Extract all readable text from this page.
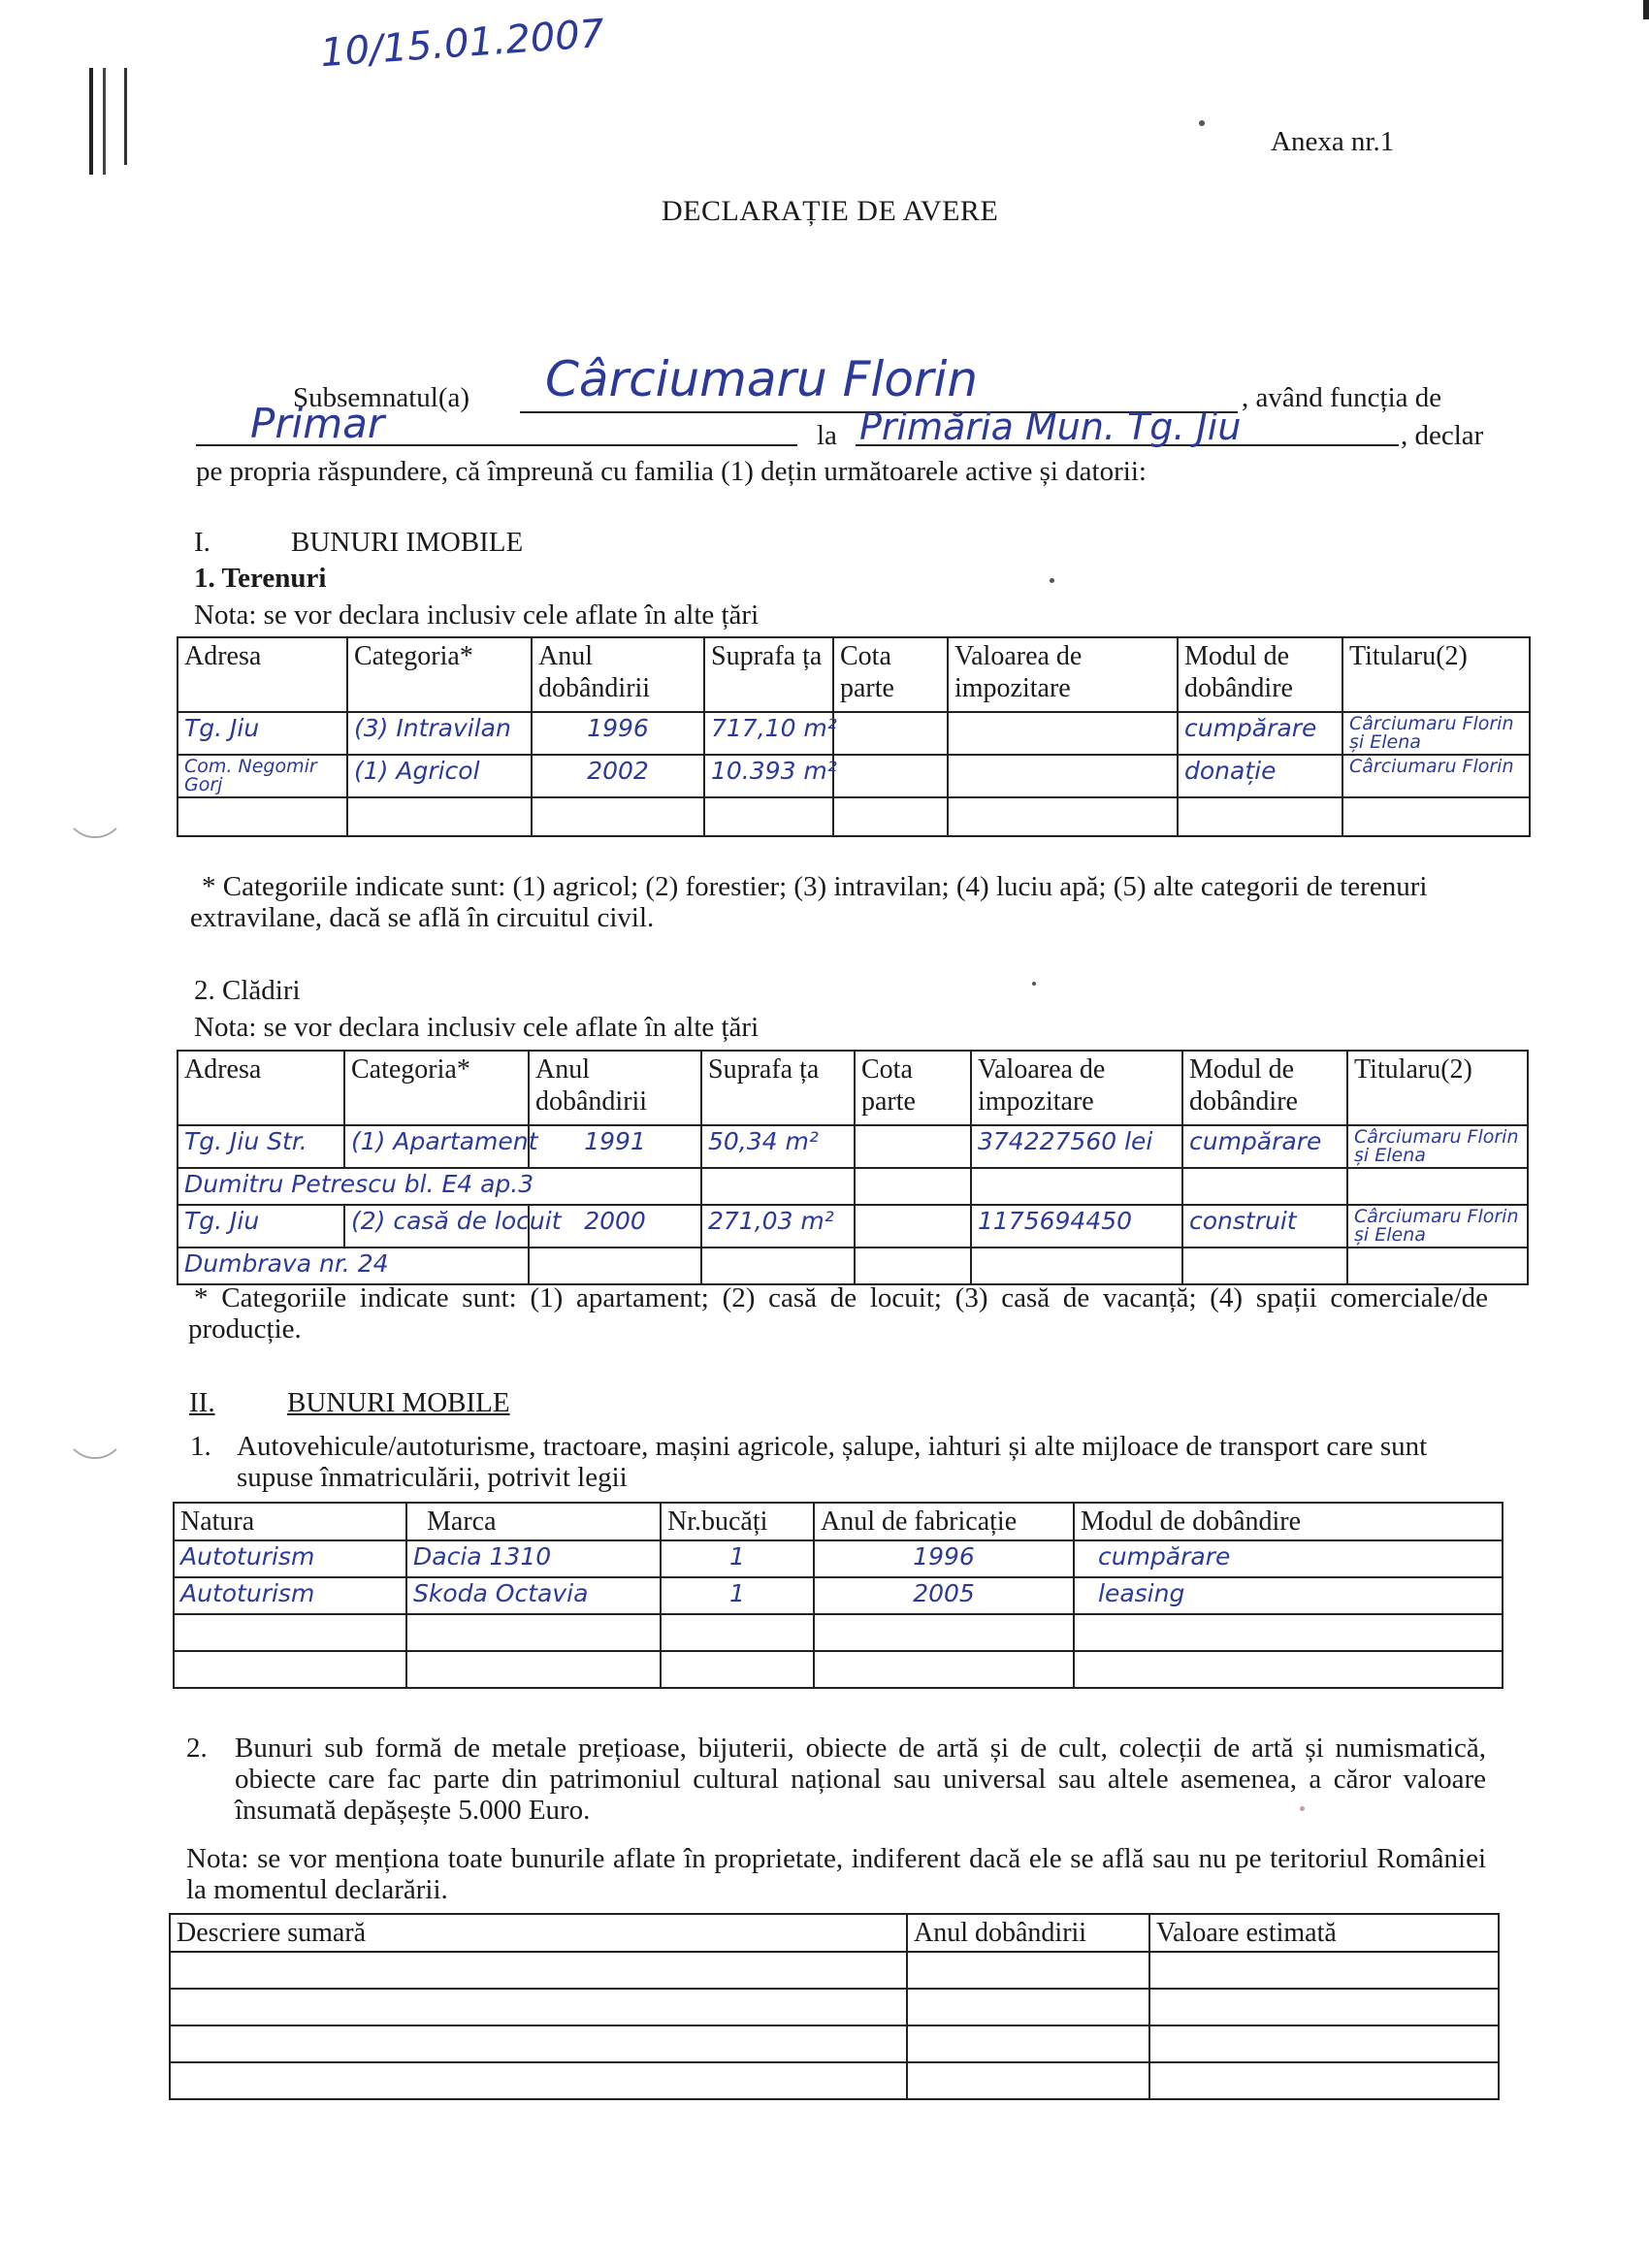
10/15.01.2007
Anexa nr.1
DECLARAȚIE DE AVERE
Subsemnatul(a) Cârciumaru Florin	, având funcția de
Primar	la Primăria Mun. Tg. Jiu	, declar
pe propria răspundere, că împreună cu familia (1) dețin următoarele active și datorii:
I.	BUNURI IMOBILE
1. Terenuri
Nota: se vor declara inclusiv cele aflate în alte țări
Adresa	Categoria*	Anul dobândirii	Suprafa ța	Cota parte	Valoarea de impozitare	Modul de dobândire	Titularu(2)
Tg. Jiu	(3) Intravilan	1996	717,10 m²			cumpărare	Cârciumaru Florin și Elena
Com. Negomir Gorj	(1) Agricol	2002	10.393 m²			donație	Cârciumaru Florin

* Categoriile indicate sunt: (1) agricol; (2) forestier; (3) intravilan; (4) luciu apă; (5) alte categorii de terenuri extravilane, dacă se află în circuitul civil.
2. Clădiri
Nota: se vor declara inclusiv cele aflate în alte țări
Adresa	Categoria*	Anul dobândirii	Suprafa ța	Cota parte	Valoarea de impozitare	Modul de dobândire	Titularu(2)
Tg. Jiu Str.	(1) Apartament	1991	50,34 m²		374227560 lei	cumpărare	Cârciumaru Florin și Elena
Dumitru Petrescu bl. E4 ap.3							
Tg. Jiu	(2) casă de locuit	2000	271,03 m²		1175694450	construit	Cârciumaru Florin și Elena
Dumbrava nr. 24							
* Categoriile indicate sunt: (1) apartament; (2) casă de locuit; (3) casă de vacanță; (4) spații comerciale/de producție.
II.	BUNURI MOBILE
1. Autovehicule/autoturisme, tractoare, mașini agricole, șalupe, iahturi și alte mijloace de transport care sunt supuse înmatriculării, potrivit legii
Natura	Marca	Nr.bucăți	Anul de fabricație	Modul de dobândire
Autoturism	Dacia 1310	1	1996	cumpărare
Autoturism	Skoda Octavia	1	2005	leasing

2. Bunuri sub formă de metale prețioase, bijuterii, obiecte de artă și de cult, colecții de artă și numismatică, obiecte care fac parte din patrimoniul cultural național sau universal sau altele asemenea, a căror valoare însumată depășește 5.000 Euro.
Nota: se vor menționa toate bunurile aflate în proprietate, indiferent dacă ele se află sau nu pe teritoriul României la momentul declarării.
Descriere sumară	Anul dobândirii	Valoare estimată
